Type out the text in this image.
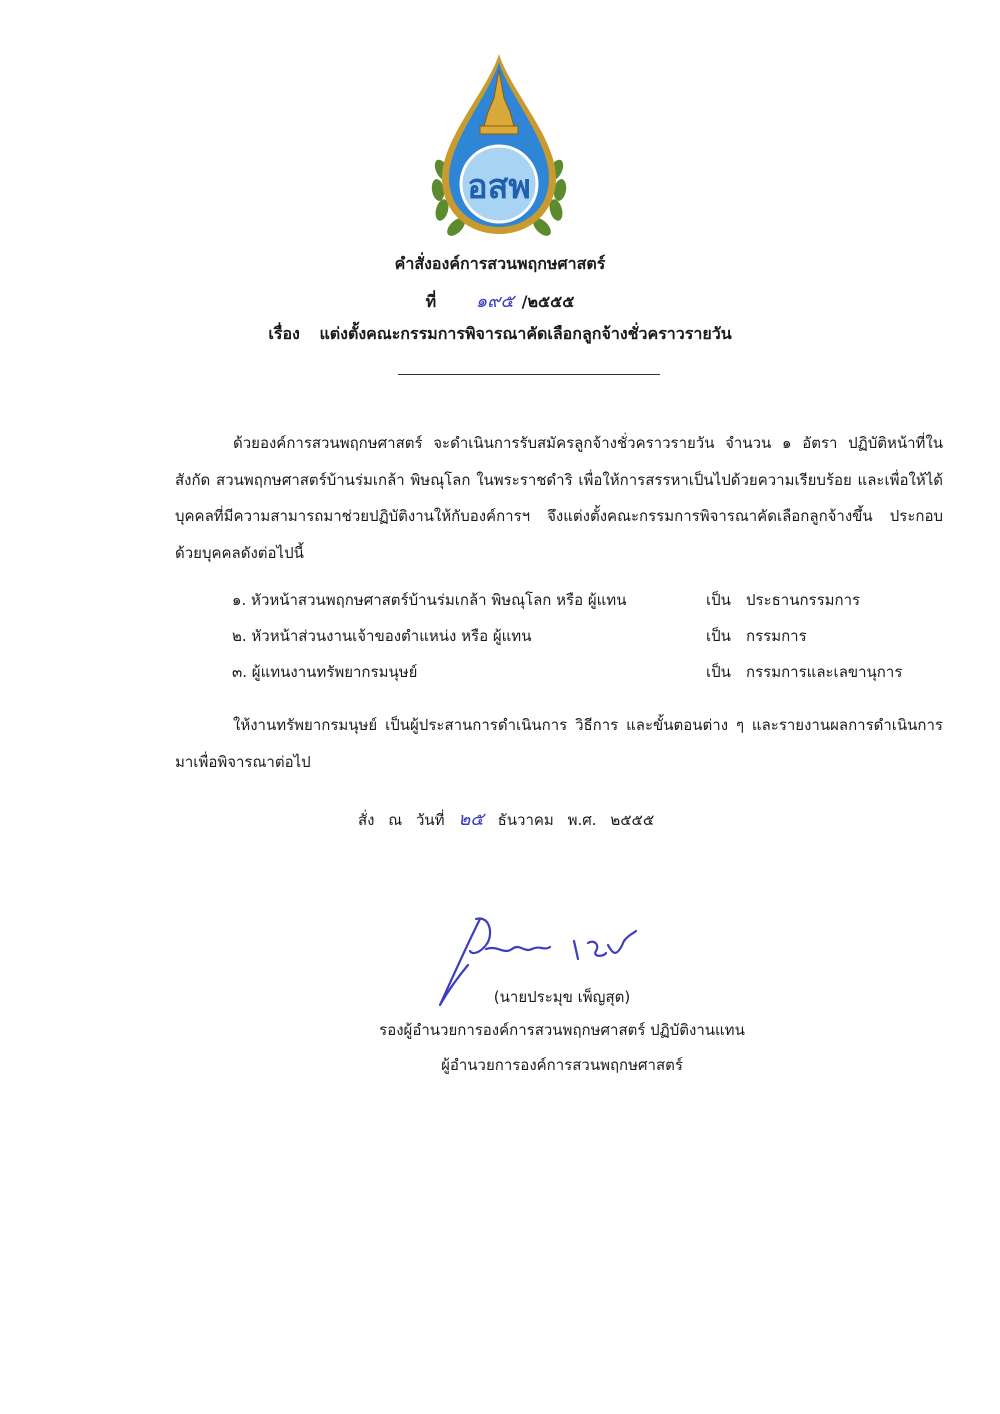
อสพ
คำสั่งองค์การสวนพฤกษศาสตร์
ที่ ๑๙๕ /๒๕๕๕
เรื่อง แต่งตั้งคณะกรรมการพิจารณาคัดเลือกลูกจ้างชั่วคราวรายวัน

ด้วยองค์การสวนพฤกษศาสตร์ จะดำเนินการรับสมัครลูกจ้างชั่วคราวรายวัน จำนวน ๑ อัตรา ปฏิบัติหน้าที่ในสังกัด สวนพฤกษศาสตร์บ้านร่มเกล้า พิษณุโลก ในพระราชดำริ เพื่อให้การสรรหาเป็นไปด้วยความเรียบร้อย และเพื่อให้ได้บุคคลที่มีความสามารถมาช่วยปฏิบัติงานให้กับองค์การฯ จึงแต่งตั้งคณะกรรมการพิจารณาคัดเลือกลูกจ้างขึ้น ประกอบด้วยบุคคลดังต่อไปนี้

๑. หัวหน้าสวนพฤกษศาสตร์บ้านร่มเกล้า พิษณุโลก หรือ ผู้แทน	เป็น ประธานกรรมการ
๒. หัวหน้าส่วนงานเจ้าของตำแหน่ง หรือ ผู้แทน	เป็น กรรมการ
๓. ผู้แทนงานทรัพยากรมนุษย์	เป็น กรรมการและเลขานุการ

ให้งานทรัพยากรมนุษย์ เป็นผู้ประสานการดำเนินการ วิธีการ และขั้นตอนต่าง ๆ และรายงานผลการดำเนินการมาเพื่อพิจารณาต่อไป

สั่ง ณ วันที่ ๒๕ ธันวาคม พ.ศ. ๒๕๕๕
(นายประมุข เพ็ญสุต)
รองผู้อำนวยการองค์การสวนพฤกษศาสตร์ ปฏิบัติงานแทน
ผู้อำนวยการองค์การสวนพฤกษศาสตร์
